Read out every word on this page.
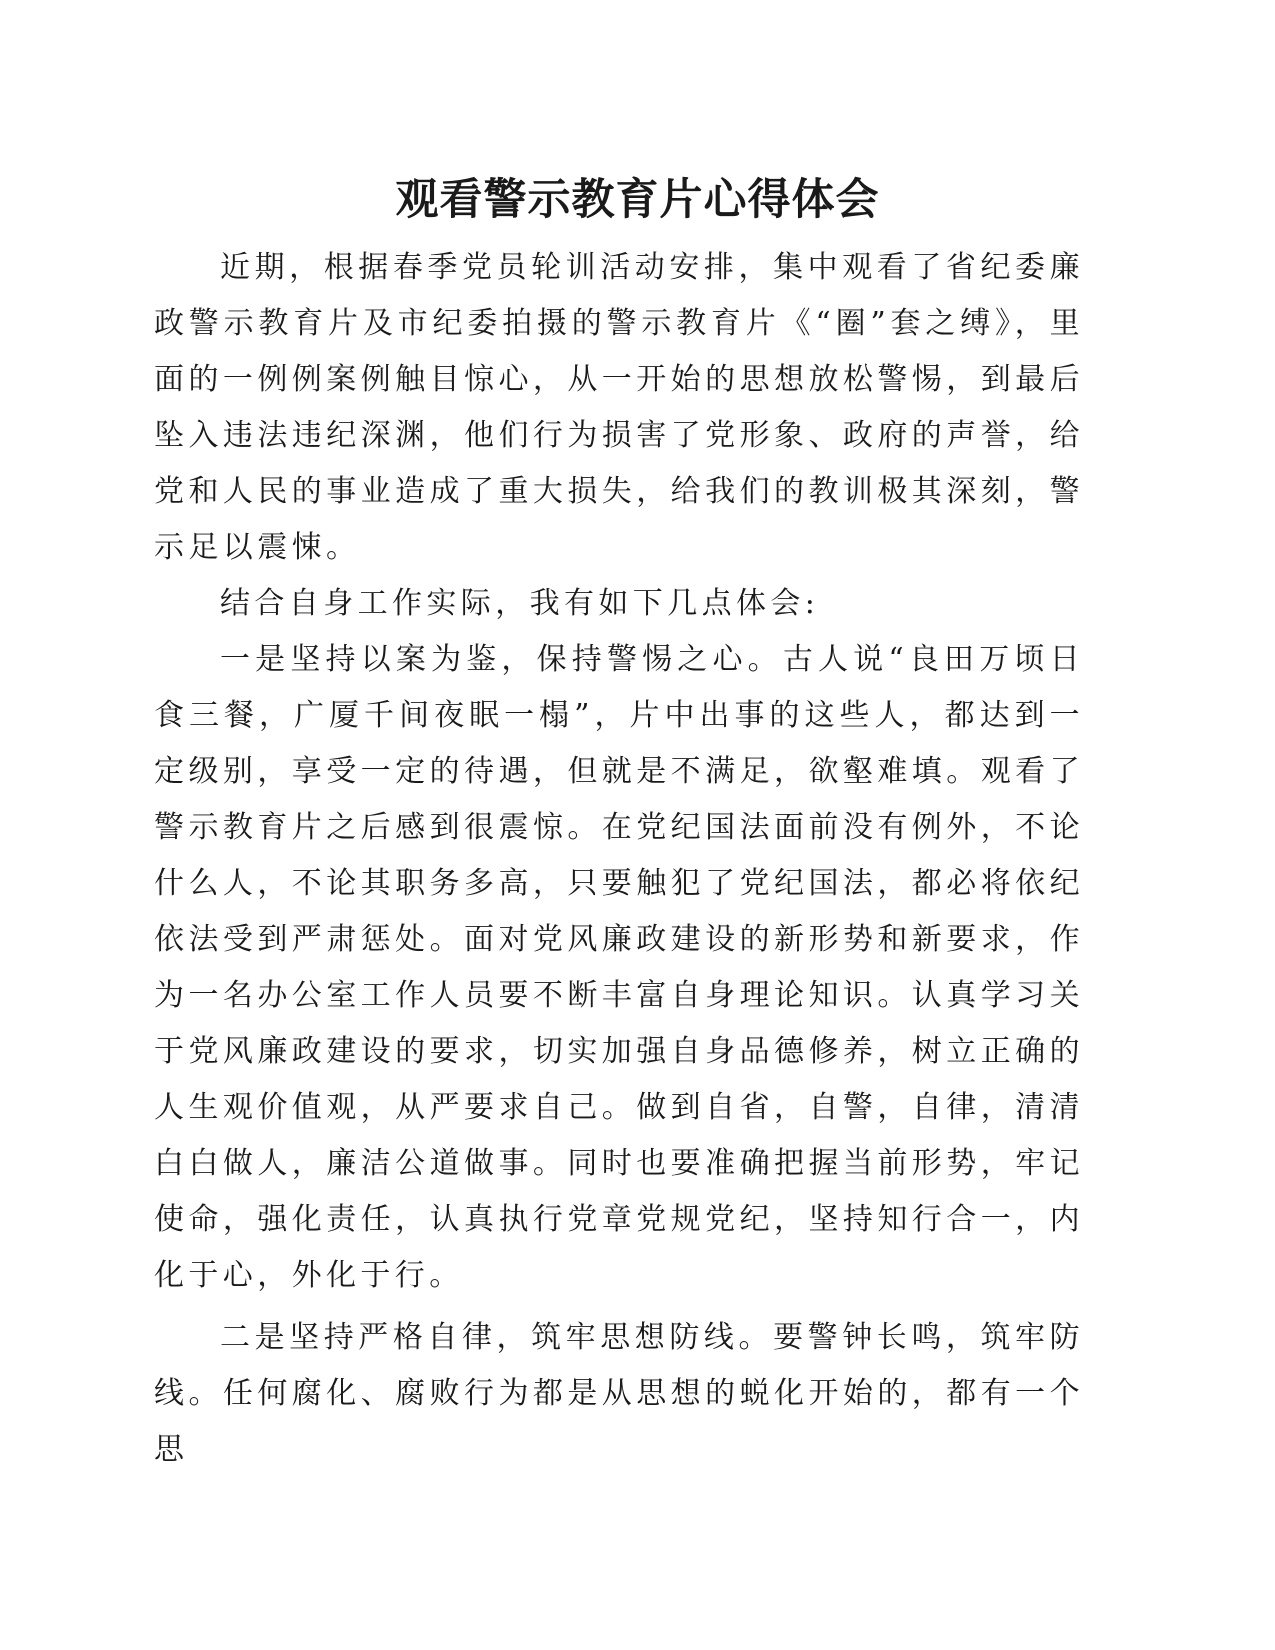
观看警示教育片心得体会

近期，根据春季党员轮训活动安排，集中观看了省纪委廉政警示教育片及市纪委拍摄的警示教育片《“圈”套之缚》，里面的一例例案例触目惊心，从一开始的思想放松警惕，到最后坠入违法违纪深渊，他们行为损害了党形象、政府的声誉，给党和人民的事业造成了重大损失，给我们的教训极其深刻，警示足以震悚。

结合自身工作实际，我有如下几点体会:

一是坚持以案为鉴，保持警惕之心。古人说“良田万顷日食三餐，广厦千间夜眠一榻”，片中出事的这些人，都达到一定级别，享受一定的待遇，但就是不满足，欲壑难填。观看了警示教育片之后感到很震惊。在党纪国法面前没有例外，不论什么人，不论其职务多高，只要触犯了党纪国法，都必将依纪依法受到严肃惩处。面对党风廉政建设的新形势和新要求，作为一名办公室工作人员要不断丰富自身理论知识。认真学习关于党风廉政建设的要求，切实加强自身品德修养，树立正确的人生观价值观，从严要求自己。做到自省，自警，自律，清清白白做人，廉洁公道做事。同时也要准确把握当前形势，牢记使命，强化责任，认真执行党章党规党纪，坚持知行合一，内化于心，外化于行。

二是坚持严格自律，筑牢思想防线。要警钟长鸣，筑牢防线。任何腐化、腐败行为都是从思想的蜕化开始的，都有一个思
